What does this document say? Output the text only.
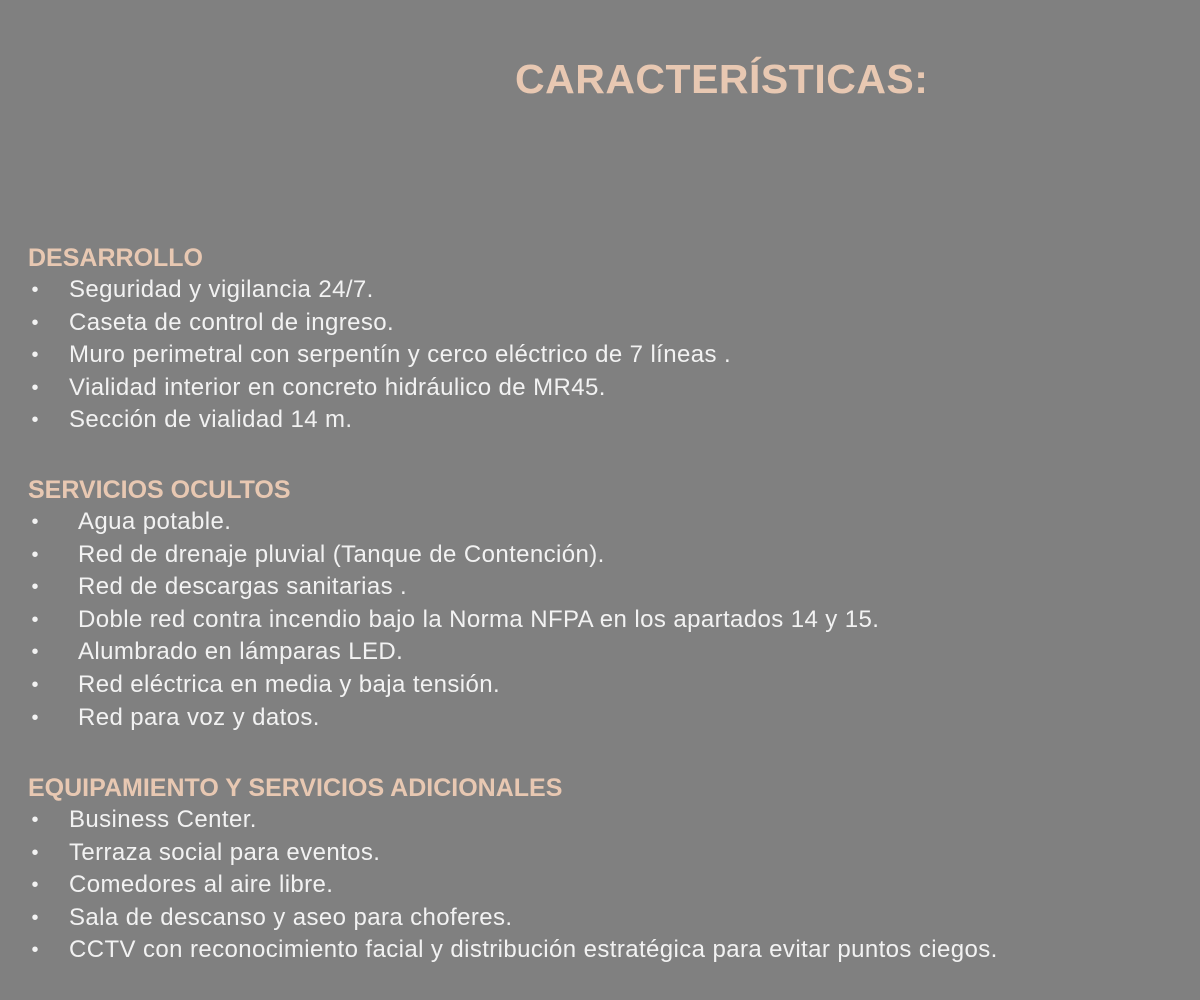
CARACTERÍSTICAS:
DESARROLLO
• Seguridad y vigilancia 24/7.
• Caseta de control de ingreso.
• Muro perimetral con serpentín y cerco eléctrico de 7 líneas .
• Vialidad interior en concreto hidráulico de MR45.
• Sección de vialidad 14 m.
SERVICIOS OCULTOS
• Agua potable.
• Red de drenaje pluvial (Tanque de Contención).
• Red de descargas sanitarias .
• Doble red contra incendio bajo la Norma NFPA en los apartados 14 y 15.
• Alumbrado en lámparas LED.
• Red eléctrica en media y baja tensión.
• Red para voz y datos.
EQUIPAMIENTO Y SERVICIOS ADICIONALES
• Business Center.
• Terraza social para eventos.
• Comedores al aire libre.
• Sala de descanso y aseo para choferes.
• CCTV con reconocimiento facial y distribución estratégica para evitar puntos ciegos.
